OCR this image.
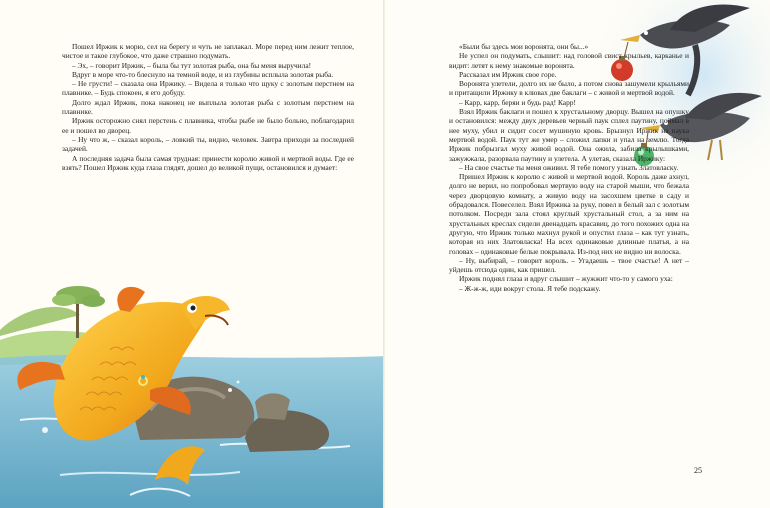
Пошел Иржик к морю, сел на берегу и чуть не заплакал. Море перед ним лежит теплое, чистое и такое глубокое, что даже страшно подумать.

– Эх, – говорит Иржик, – была бы тут золотая рыба, она бы меня выручила!

Вдруг в море что-то блеснуло на темной воде, и из глубины всплыла золотая рыба.

– Не грусти! – сказала она Иржику. – Видела я только что щуку с золотым перстнем на плавнике. – Будь спокоен, я его добуду.

Долго ждал Иржик, пока наконец не выплыла золотая рыба с золотым перстнем на плавнике.

Иржик осторожно снял перстень с плавника, чтобы рыбе не было больно, поблагодарил ее и пошел во дворец.

– Ну что ж, – сказал король, – ловкий ты, видно, человек. Завтра приходи за последней задачей.

А последняя задача была самая трудная: принести королю живой и мертвой воды. Где ее взять? Пошел Иржик куда глаза глядят, дошел до великой пущи, остановился и думает:

25

«Были бы здесь мои воронята, они бы...»

Не успел он подумать, слышит: над головой свист крыльев, карканье и видит: летят к нему знакомые воронята.

Рассказал им Иржик свое горе.

Воронята улетели, долго их не было, а потом снова зашумели крыльями и притащили Иржику в клювах две баклаги – с живой и мертвой водой.

– Карр, карр, беряи и будь рад! Карр!

Взял Иржик баклаги и пошел к хрустальному дворцу. Вышел на опушку и остановился: между двух деревьев черный паук сплел паутину, поймал в нее муху, убил и сидит сосет мушиную кровь. Брызнул Иржик на паука мертвой водой. Паук тут же умер – сложил лапки и упал на землю. Тогда Иржик побрызгал муху живой водой. Она ожила, забила крылышками, зажужжала, разорвала паутину и улетела. А улетая, сказала Иржику:

– На свое счастье ты меня оживил. Я тебе помогу узнать Златовласку.

Пришел Иржик к королю с живой и мертвой водой. Король даже ахнул, долго не верил, но попробовал мертвую воду на старой мыши, что бежала через дворцовую комнату, а живую воду на засохшем цветке в саду и обрадовался. Повеселел. Взял Иржика за руку, повел в белый зал с золотым потолком. Посреди зала стоял круглый хрустальный стол, а за ним на хрустальных креслах сидели двенадцать красавиц, до того похожих одна на другую, что Иржик только махнул рукой и опустил глаза – как тут узнать, которая из них Златовласка! На всех одинаковые длинные платья, а на головах – одинаковые белые покрывала. Из-под них не видно ни волоска.

– Ну, выбирай, – говорит король. – Угадаешь – твое счастье! А нет – уйдешь отсюда один, как пришел.

Иржик поднял глаза и вдруг слышит – жужжит что-то у самого уха:

– Ж-ж-ж, иди вокруг стола. Я тебе подскажу.
